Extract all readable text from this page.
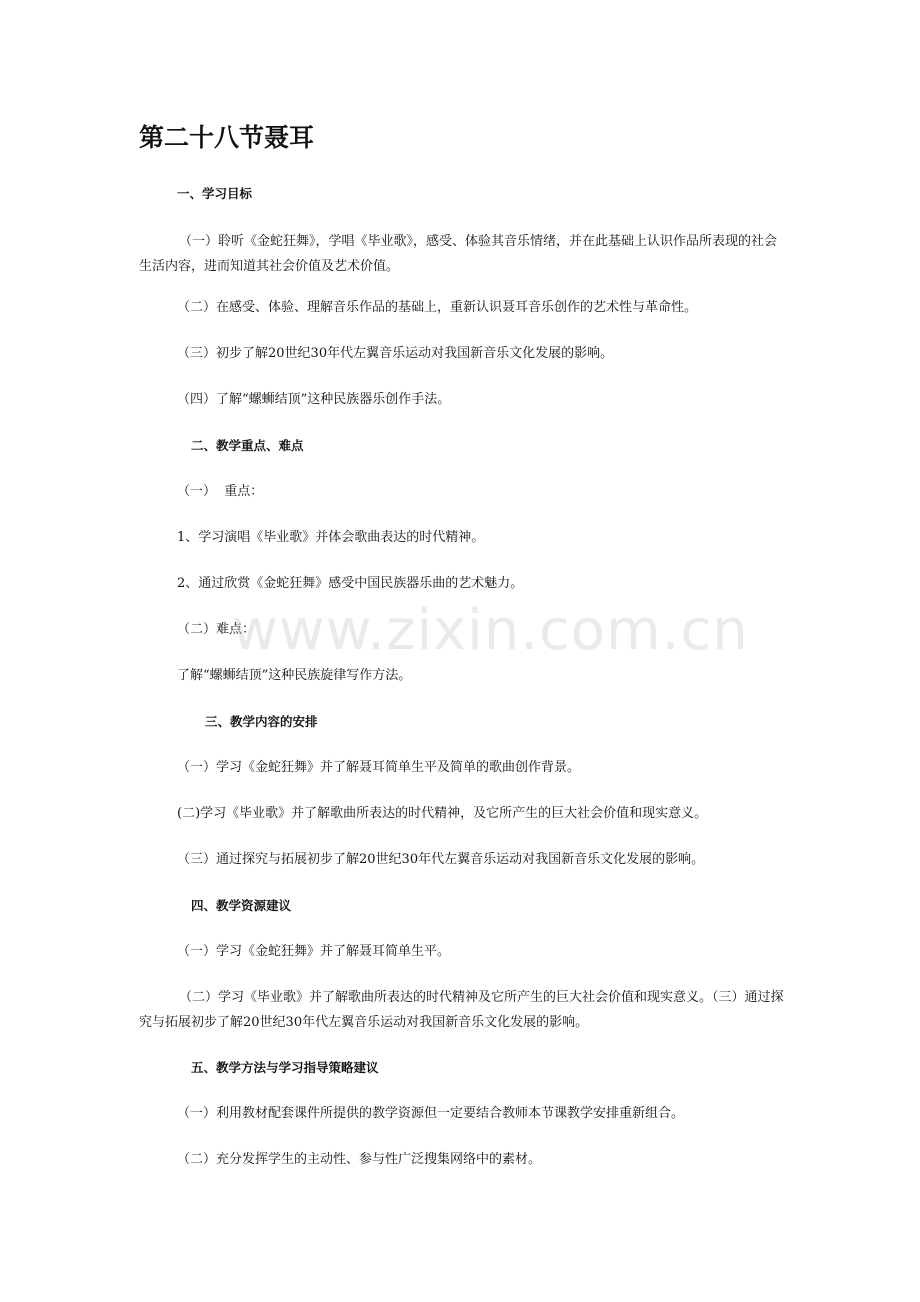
第二十八节聂耳
一、学习目标
（一）聆听《金蛇狂舞》，学唱《毕业歌》，感受、体验其音乐情绪，并在此基础上认识作品所表现的社会生活内容，进而知道其社会价值及艺术价值。
（二）在感受、体验、理解音乐作品的基础上，重新认识聂耳音乐创作的艺术性与革命性。
（三）初步了解20世纪30年代左翼音乐运动对我国新音乐文化发展的影响。
（四）了解“螺蛳结顶”这种民族器乐创作手法。
二、教学重点、难点
（一）  重点：
1、学习演唱《毕业歌》并体会歌曲表达的时代精神。
2、通过欣赏《金蛇狂舞》感受中国民族器乐曲的艺术魅力。
（二）难点：
了解“螺蛳结顶”这种民族旋律写作方法。
三、教学内容的安排
（一）学习《金蛇狂舞》并了解聂耳简单生平及简单的歌曲创作背景。
(二)学习《毕业歌》并了解歌曲所表达的时代精神，及它所产生的巨大社会价值和现实意义。
（三）通过探究与拓展初步了解20世纪30年代左翼音乐运动对我国新音乐文化发展的影响。
四、教学资源建议
（一）学习《金蛇狂舞》并了解聂耳简单生平。
（二）学习《毕业歌》并了解歌曲所表达的时代精神及它所产生的巨大社会价值和现实意义。（三）通过探究与拓展初步了解20世纪30年代左翼音乐运动对我国新音乐文化发展的影响。
五、教学方法与学习指导策略建议
（一）利用教材配套课件所提供的教学资源但一定要结合教师本节课教学安排重新组合。
（二）充分发挥学生的主动性、参与性广泛搜集网络中的素材。
www.zixin.com.cn
